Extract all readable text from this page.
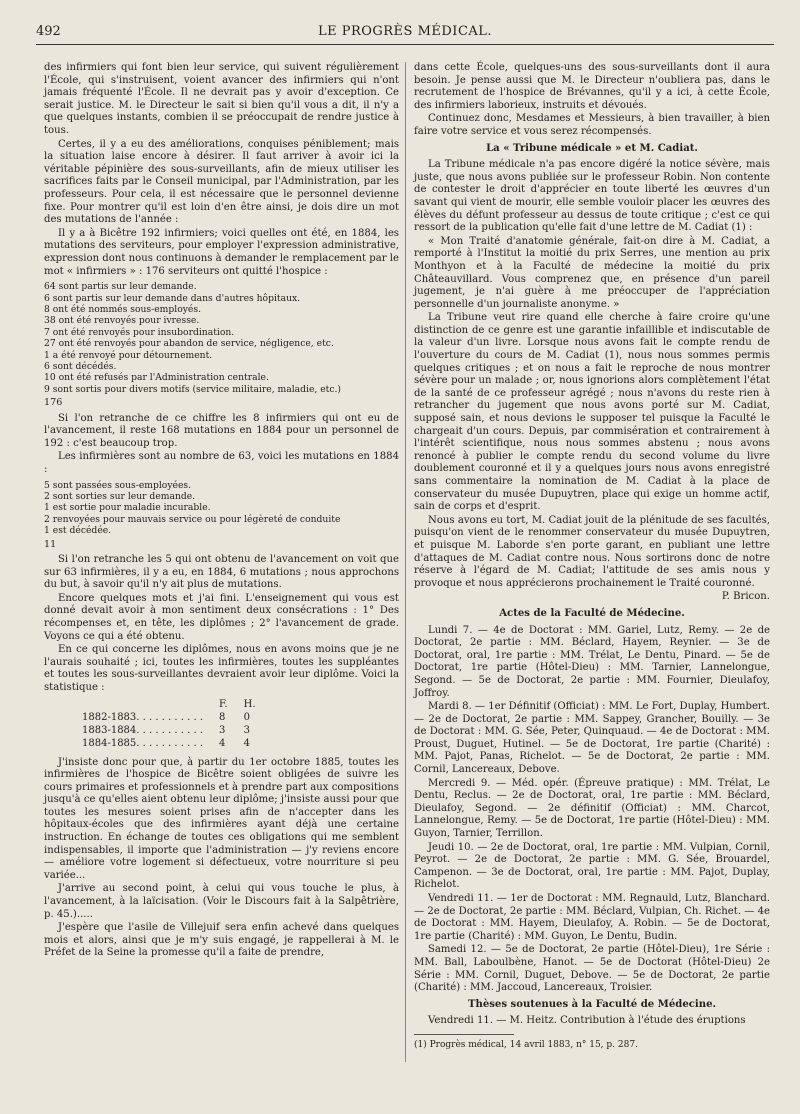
492	LE PROGRÈS MÉDICAL.

des infirmiers qui font bien leur service, qui suivent régulièrement l'École, qui s'instruisent, voient avancer des infirmiers qui n'ont jamais fréquenté l'École. Il ne devrait pas y avoir d'exception. Ce serait justice. M. le Directeur le sait si bien qu'il vous a dit, il n'y a que quelques instants, combien il se préoccupait de rendre justice à tous.

Certes, il y a eu des améliorations, conquises péniblement; mais la situation laise encore à désirer. Il faut arriver à avoir ici la véritable pépinière des sous-surveillants, afin de mieux utiliser les sacrifices faits par le Conseil municipal, par l'Administration, par les professeurs. Pour cela, il est nécessaire que le personnel devienne fixe. Pour montrer qu'il est loin d'en être ainsi, je dois dire un mot des mutations de l'année :

Il y a à Bicêtre 192 infirmiers; voici quelles ont été, en 1884, les mutations des serviteurs, pour employer l'expression administrative, expression dont nous continuons à demander le remplacement par le mot « infirmiers » : 176 serviteurs ont quitté l'hospice :

64 sont partis sur leur demande.
6 sont partis sur leur demande dans d'autres hôpitaux.
8 ont été nommés sous-employés.
38 ont été renvoyés pour ivresse.
7 ont été renvoyés pour insubordination.
27 ont été renvoyés pour abandon de service, négligence, etc.
1 a été renvoyé pour détournement.
6 sont décédés.
10 ont été refusés par l'Administration centrale.
9 sont sortis pour divers motifs (service militaire, maladie, etc.)
176

Si l'on retranche de ce chiffre les 8 infirmiers qui ont eu de l'avancement, il reste 168 mutations en 1884 pour un personnel de 192 : c'est beaucoup trop.

Les infirmières sont au nombre de 63, voici les mutations en 1884 :

5 sont passées sous-employées.
2 sont sorties sur leur demande.
1 est sortie pour maladie incurable.
2 renvoyées pour mauvais service ou pour légèreté de conduite
1 est décédée.
11

Si l'on retranche les 5 qui ont obtenu de l'avancement on voit que sur 63 infirmières, il y a eu, en 1884, 6 mutations ; nous approchons du but, à savoir qu'il n'y ait plus de mutations.

Encore quelques mots et j'ai fini. L'enseignement qui vous est donné devait avoir à mon sentiment deux consécrations : 1° Des récompenses et, en tête, les diplômes ; 2° l'avancement de grade. Voyons ce qui a été obtenu.

En ce qui concerne les diplômes, nous en avons moins que je ne l'aurais souhaité ; ici, toutes les infirmières, toutes les suppléantes et toutes les sous-surveillantes devraient avoir leur diplôme. Voici la statistique :

	F.	H.
1882-1883. . . . . . . . . . .	8	0
1883-1884. . . . . . . . . . .	3	3
1884-1885. . . . . . . . . . .	4	4

J'insiste donc pour que, à partir du 1er octobre 1885, toutes les infirmières de l'hospice de Bicêtre soient obligées de suivre les cours primaires et professionnels et à prendre part aux compositions jusqu'à ce qu'elles aient obtenu leur diplôme; j'insiste aussi pour que toutes les mesures soient prises afin de n'accepter dans les hôpitaux-écoles que des infirmières ayant déjà une certaine instruction. En échange de toutes ces obligations qui me semblent indispensables, il importe que l'administration — j'y reviens encore — améliore votre logement si défectueux, votre nourriture si peu variée...

J'arrive au second point, à celui qui vous touche le plus, à l'avancement, à la laïcisation. (Voir le Discours fait à la Salpêtrière, p. 45.).....

J'espère que l'asile de Villejuif sera enfin achevé dans quelques mois et alors, ainsi que je m'y suis engagé, je rappellerai à M. le Préfet de la Seine la promesse qu'il a faite de prendre,

dans cette École, quelques-uns des sous-surveillants dont il aura besoin. Je pense aussi que M. le Directeur n'oubliera pas, dans le recrutement de l'hospice de Brévannes, qu'il y a ici, à cette École, des infirmiers laborieux, instruits et dévoués.

Continuez donc, Mesdames et Messieurs, à bien travailler, à bien faire votre service et vous serez récompensés.

La « Tribune médicale » et M. Cadiat.

La Tribune médicale n'a pas encore digéré la notice sévère, mais juste, que nous avons publiée sur le professeur Robin. Non contente de contester le droit d'apprécier en toute liberté les œuvres d'un savant qui vient de mourir, elle semble vouloir placer les œuvres des élèves du défunt professeur au dessus de toute critique ; c'est ce qui ressort de la publication qu'elle fait d'une lettre de M. Cadiat (1) :

« Mon Traité d'anatomie générale, fait-on dire à M. Cadiat, a remporté à l'Institut la moitié du prix Serres, une mention au prix Monthyon et à la Faculté de médecine la moitié du prix Châteauvillard. Vous comprenez que, en présence d'un pareil jugement, je n'ai guère à me préoccuper de l'appréciation personnelle d'un journaliste anonyme. »

La Tribune veut rire quand elle cherche à faire croire qu'une distinction de ce genre est une garantie infaillible et indiscutable de la valeur d'un livre. Lorsque nous avons fait le compte rendu de l'ouverture du cours de M. Cadiat (1), nous nous sommes permis quelques critiques ; et on nous a fait le reproche de nous montrer sévère pour un malade ; or, nous ignorions alors complètement l'état de la santé de ce professeur agrégé ; nous n'avons du reste rien à retrancher du jugement que nous avons porté sur M. Cadiat, supposé sain, et nous devions le supposer tel puisque la Faculté le chargeait d'un cours. Depuis, par commisération et contrairement à l'intérêt scientifique, nous nous sommes abstenu ; nous avons renoncé à publier le compte rendu du second volume du livre doublement couronné et il y a quelques jours nous avons enregistré sans commentaire la nomination de M. Cadiat à la place de conservateur du musée Dupuytren, place qui exige un homme actif, sain de corps et d'esprit.

Nous avons eu tort, M. Cadiat jouit de la plénitude de ses facultés, puisqu'on vient de le renommer conservateur du musée Dupuytren, et puisque M. Laborde s'en porte garant, en publiant une lettre d'attaques de M. Cadiat contre nous. Nous sortirons donc de notre réserve à l'égard de M. Cadiat; l'attitude de ses amis nous y provoque et nous apprécierons prochainement le Traité couronné.

P. Bricon.
Actes de la Faculté de Médecine.

Lundi 7. — 4e de Doctorat : MM. Gariel, Lutz, Remy. — 2e de Doctorat, 2e partie : MM. Béclard, Hayem, Reynier. — 3e de Doctorat, oral, 1re partie : MM. Trélat, Le Dentu, Pinard. — 5e de Doctorat, 1re partie (Hôtel-Dieu) : MM. Tarnier, Lannelongue, Segond. — 5e de Doctorat, 2e partie : MM. Fournier, Dieulafoy, Joffroy.

Mardi 8. — 1er Définitif (Officiat) : MM. Le Fort, Duplay, Humbert. — 2e de Doctorat, 2e partie : MM. Sappey, Grancher, Bouilly. — 3e de Doctorat : MM. G. Sée, Peter, Quinquaud. — 4e de Doctorat : MM. Proust, Duguet, Hutinel. — 5e de Doctorat, 1re partie (Charité) : MM. Pajot, Panas, Richelot. — 5e de Doctorat, 2e partie : MM. Cornil, Lancereaux, Debove.

Mercredi 9. — Méd. opér. (Épreuve pratique) : MM. Trélat, Le Dentu, Reclus. — 2e de Doctorat, oral, 1re partie : MM. Béclard, Dieulafoy, Segond. — 2e définitif (Officiat) : MM. Charcot, Lannelongue, Remy. — 5e de Doctorat, 1re partie (Hôtel-Dieu) : MM. Guyon, Tarnier, Terrillon.

Jeudi 10. — 2e de Doctorat, oral, 1re partie : MM. Vulpian, Cornil, Peyrot. — 2e de Doctorat, 2e partie : MM. G. Sée, Brouardel, Campenon. — 3e de Doctorat, oral, 1re partie : MM. Pajot, Duplay, Richelot.

Vendredi 11. — 1er de Doctorat : MM. Regnauld, Lutz, Blanchard. — 2e de Doctorat, 2e partie : MM. Béclard, Vulpian, Ch. Richet. — 4e de Doctorat : MM. Hayem, Dieulafoy, A. Robin. — 5e de Doctorat, 1re partie (Charité) : MM. Guyon, Le Dentu, Budin.

Samedi 12. — 5e de Doctorat, 2e partie (Hôtel-Dieu), 1re Série : MM. Ball, Laboulbène, Hanot. — 5e de Doctorat (Hôtel-Dieu) 2e Série : MM. Cornil, Duguet, Debove. — 5e de Doctorat, 2e partie (Charité) : MM. Jaccoud, Lancereaux, Troisier.

Thèses soutenues à la Faculté de Médecine.

Vendredi 11. — M. Heitz. Contribution à l'étude des éruptions

(1) Progrès médical, 14 avril 1883, n° 15, p. 287.
